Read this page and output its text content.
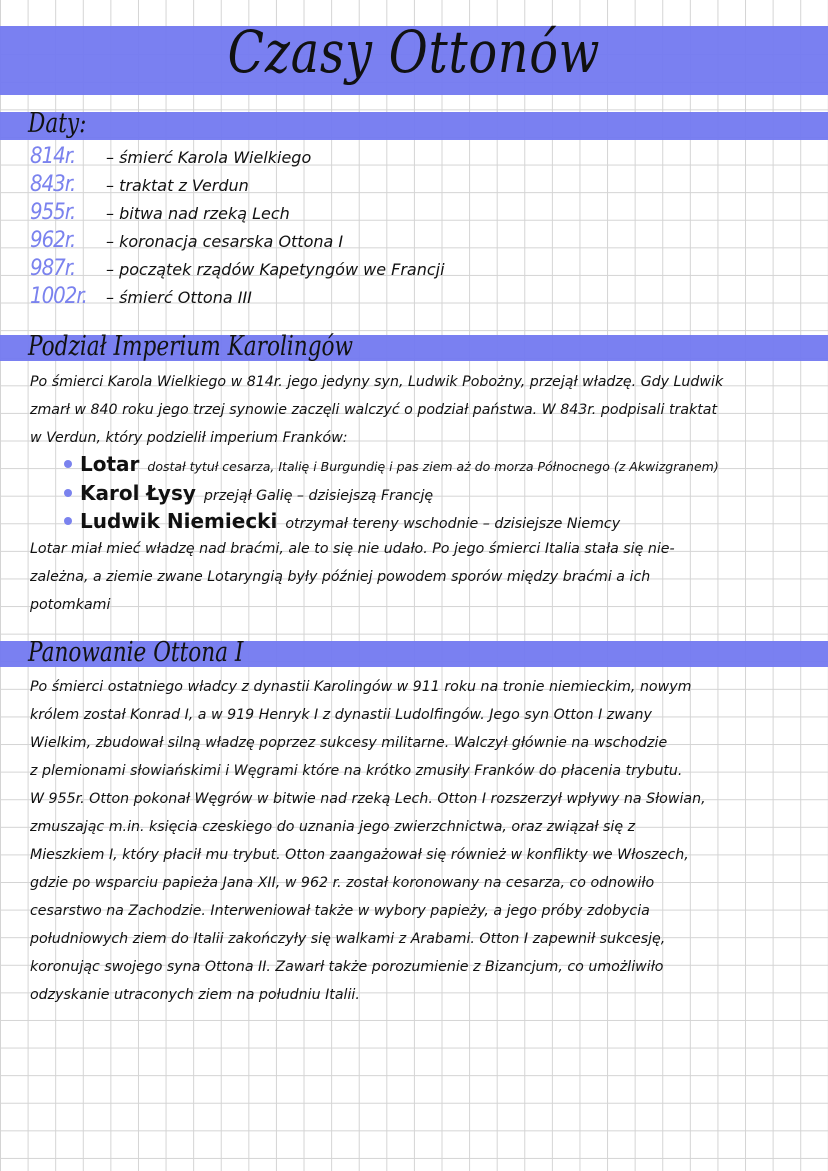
Czasy Ottonów
Daty:
814r.	– śmierć Karola Wielkiego
843r.	– traktat z Verdun
955r.	– bitwa nad rzeką Lech
962r.	– koronacja cesarska Ottona I
987r.	– początek rządów Kapetyngów we Francji
1002r.	– śmierć Ottona III
Podział Imperium Karolingów
Po śmierci Karola Wielkiego w 814r. jego jedyny syn, Ludwik Pobożny, przejął władzę. Gdy Ludwik
zmarł w 840 roku jego trzej synowie zaczęli walczyć o podział państwa. W 843r. podpisali traktat
w Verdun, który podzielił imperium Franków:
Lotar dostał tytuł cesarza, Italię i Burgundię i pas ziem aż do morza Północnego (z Akwizgranem)
Karol Łysy przejął Galię – dzisiejszą Francję
Ludwik Niemiecki otrzymał tereny wschodnie – dzisiejsze Niemcy
Lotar miał mieć władzę nad braćmi, ale to się nie udało. Po jego śmierci Italia stała się nie-
zależna, a ziemie zwane Lotaryngią były później powodem sporów między braćmi a ich
potomkami
Panowanie Ottona I
Po śmierci ostatniego władcy z dynastii Karolingów w 911 roku na tronie niemieckim, nowym
królem został Konrad I, a w 919 Henryk I z dynastii Ludolfingów. Jego syn Otton I zwany
Wielkim, zbudował silną władzę poprzez sukcesy militarne. Walczył głównie na wschodzie
z plemionami słowiańskimi i Węgrami które na krótko zmusiły Franków do płacenia trybutu.
W 955r. Otton pokonał Węgrów w bitwie nad rzeką Lech. Otton I rozszerzył wpływy na Słowian,
zmuszając m.in. księcia czeskiego do uznania jego zwierzchnictwa, oraz związał się z
Mieszkiem I, który płacił mu trybut. Otton zaangażował się również w konflikty we Włoszech,
gdzie po wsparciu papieża Jana XII, w 962 r. został koronowany na cesarza, co odnowiło
cesarstwo na Zachodzie. Interweniował także w wybory papieży, a jego próby zdobycia
południowych ziem do Italii zakończyły się walkami z Arabami. Otton I zapewnił sukcesję,
koronując swojego syna Ottona II. Zawarł także porozumienie z Bizancjum, co umożliwiło
odzyskanie utraconych ziem na południu Italii.
